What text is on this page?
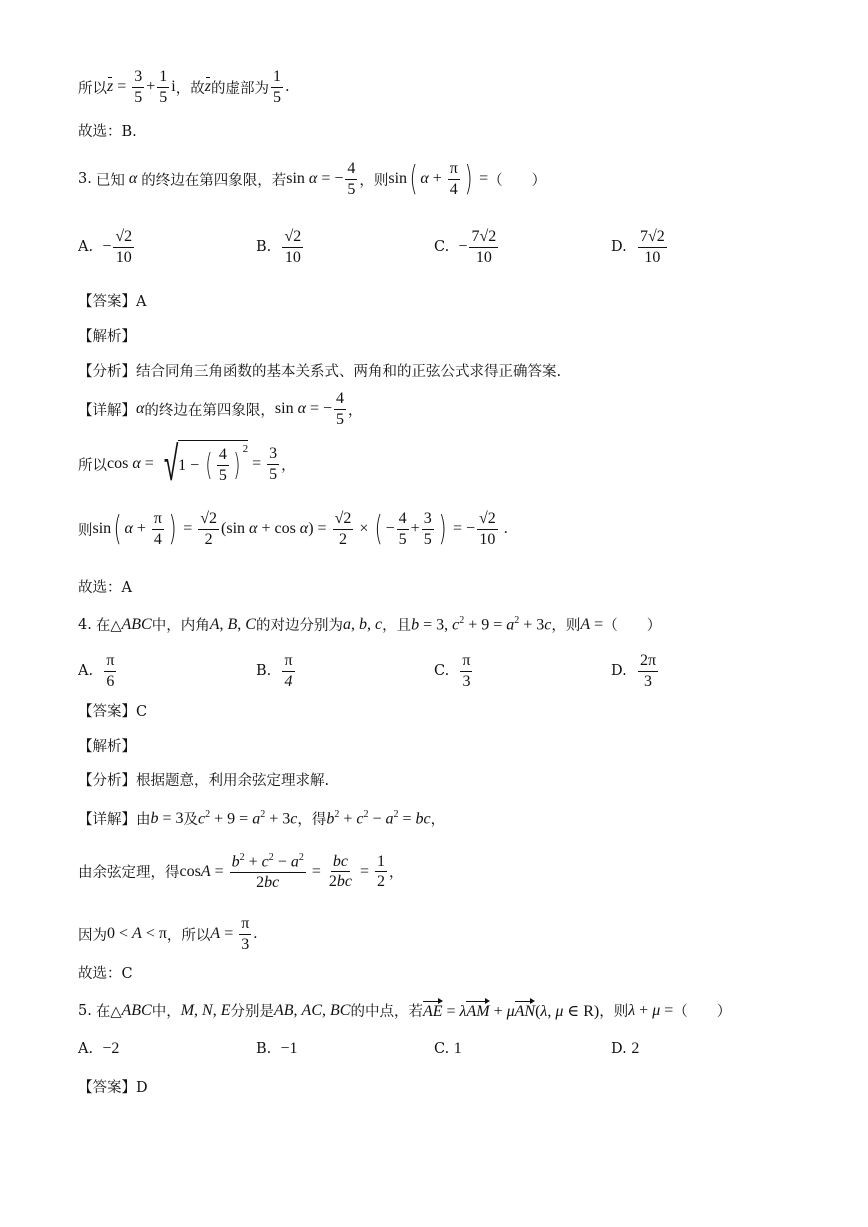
所以 $z = \frac{3}{5} + \frac{1}{5}$ i ，故 z 的虚部为 $\frac{1}{5}$ .
故选：B.
3. 已知 α 的终边在第四象限，若 sin α = − $\frac{4}{5}$ ，则 sin ( $\alpha + \frac{\pi}{4}$ ) = （　　）
A.
− $\frac{√2}{10}$	B.
$\frac{√2}{10}$	C.
− $\frac{7√2}{10}$	D.
$\frac{7√2}{10}$
【答案】A
【解析】
【分析】结合同角三角函数的基本关系式、两角和的正弦公式求得正确答案.
【详解】 α 的终边在第四象限， sin α = − $\frac{4}{5}$ ，
所以 cos α = √ 1 − ( $\frac{4}{5} )^2$
= $\frac{3}{5}$ ，
则 sin ( $\alpha + \frac{\pi}{4}$ ) = $\frac{√2}{2} (\sin$ $\alpha + \cos \alpha) = \frac{√2}{2}$ × ( − $\frac{4}{5} + \frac{3}{5}$ ) = − $\frac{√2}{10}$ .
故选：A
4. 在△ ABC 中，内角 A , B , C 的对边分别为 a , b , c ，且 b = 3, $c^2 + 9 = a^2 + 3c$ ，则 A = （　　）
A.
$\frac{\pi}{6}$	B.
$\frac{\pi}{4}$	C.
$\frac{\pi}{3}$	D.
$\frac{2\pi}{3}$
【答案】C
【解析】
【分析】根据题意，利用余弦定理求解.
【详解】由 b = 3 及 $c^2 + 9 = a^2 + 3c$ ，得 $b^2 + c^2 - a^2$ = bc ，
由余弦定理，得 $\cos A = \frac{b^2 + c^2 - a^2}{2bc} = \frac{bc}{2bc} = \frac{1}{2}$ ，
因为 0 < A < π ，所以 $A = \frac{\pi}{3}$ .
故选：C
5. 在△ ABC 中， M , N , E 分别是 AB , AC , BC 的中点，若 AE = λAM + μAN(λ, μ ∈ R) ，则 λ + μ = （　　）
A.
−2	B.
−1	C.
1	D.
2
【答案】D
